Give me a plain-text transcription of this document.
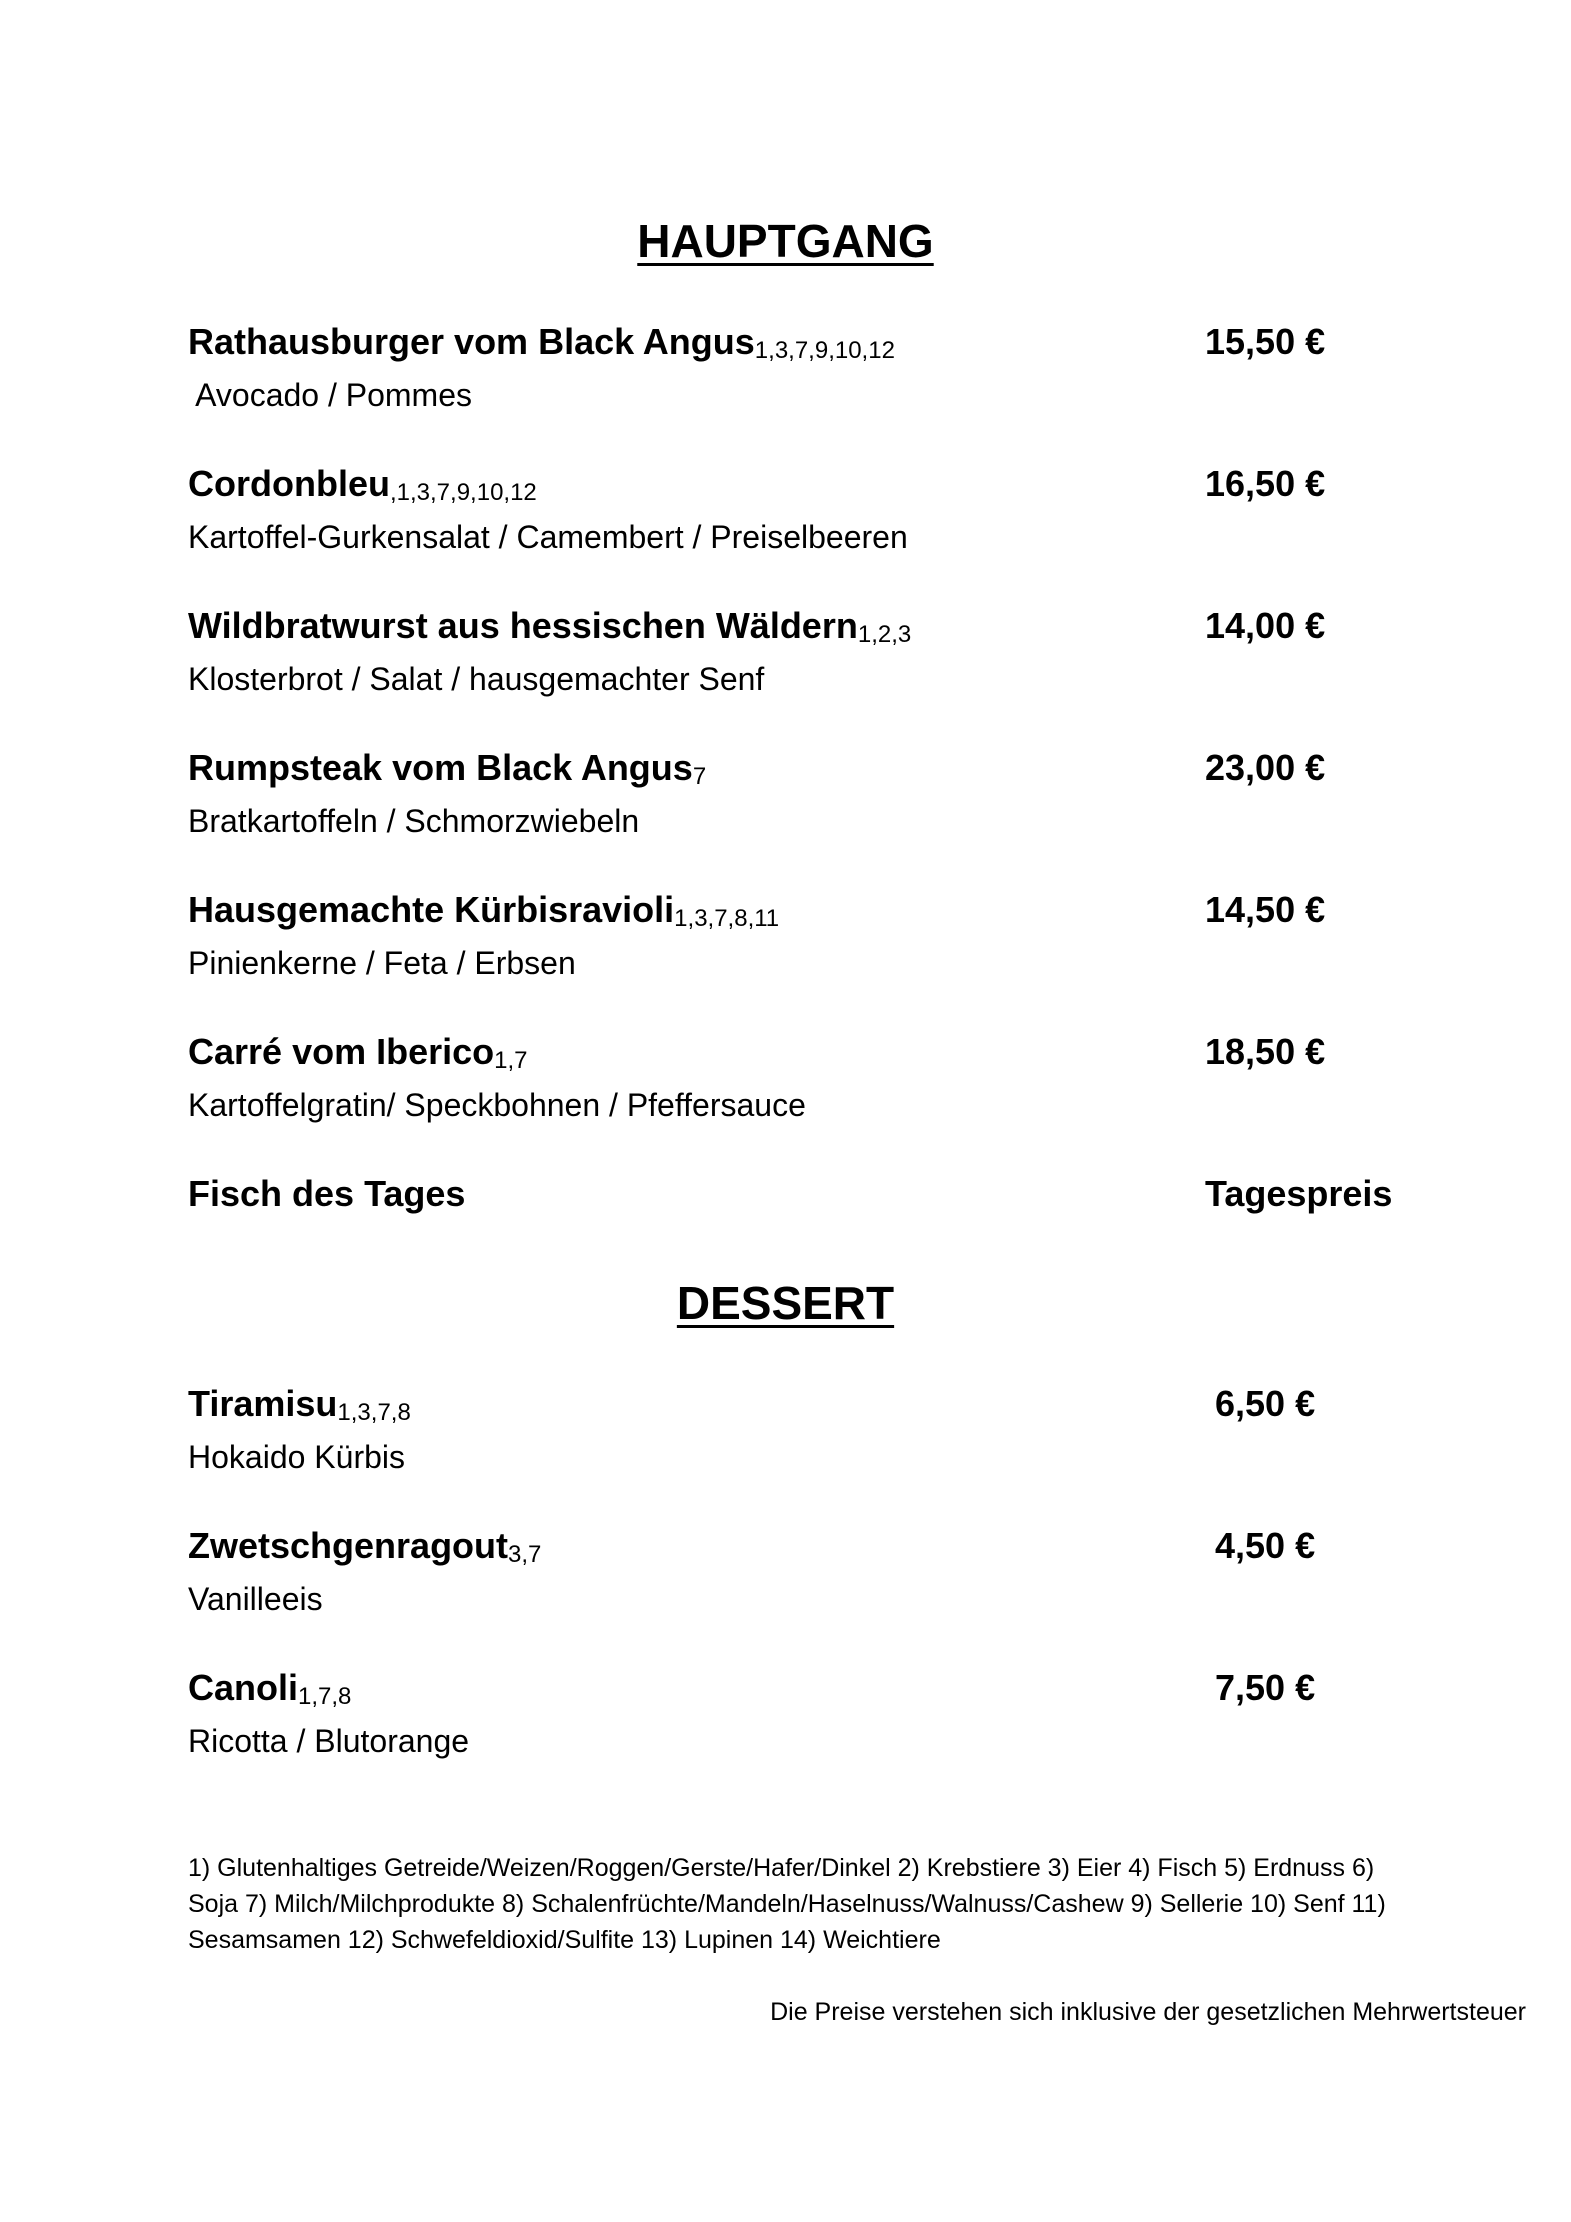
HAUPTGANG
Rathausburger vom Black Angus1,3,7,9,10,12
Avocado / Pommes
15,50 €
Cordonbleu,1,3,7,9,10,12
Kartoffel-Gurkensalat / Camembert / Preiselbeeren
16,50 €
Wildbratwurst aus hessischen Wäldern1,2,3
Klosterbrot / Salat / hausgemachter Senf
14,00 €
Rumpsteak vom Black Angus7
Bratkartoffeln / Schmorzwiebeln
23,00 €
Hausgemachte Kürbisravioli1,3,7,8,11
Pinienkerne / Feta / Erbsen
14,50 €
Carré vom Iberico1,7
Kartoffelgratin/ Speckbohnen / Pfeffersauce
18,50 €
Fisch des Tages	Tagespreis
DESSERT
Tiramisu1,3,7,8
Hokaido Kürbis
6,50 €
Zwetschgenragout3,7
Vanilleeis
4,50 €
Canoli1,7,8
Ricotta / Blutorange
7,50 €
1) Glutenhaltiges Getreide/Weizen/Roggen/Gerste/Hafer/Dinkel 2) Krebstiere 3) Eier 4) Fisch 5) Erdnuss 6) Soja 7) Milch/Milchprodukte 8) Schalenfrüchte/Mandeln/Haselnuss/Walnuss/Cashew 9) Sellerie 10) Senf 11) Sesamsamen 12) Schwefeldioxid/Sulfite 13) Lupinen 14) Weichtiere
Die Preise verstehen sich inklusive der gesetzlichen Mehrwertsteuer
